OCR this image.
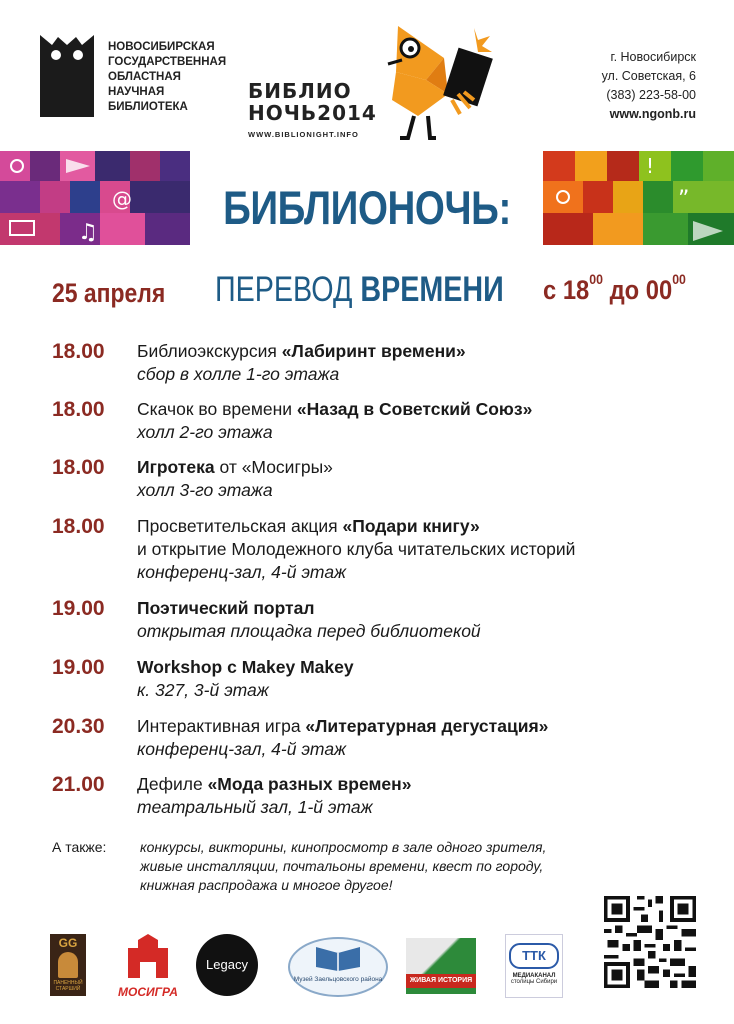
НОВОСИБИРСКАЯ
ГОСУДАРСТВЕННАЯ
ОБЛАСТНАЯ
НАУЧНАЯ
БИБЛИОТЕКА
БИБЛИО
НОЧЬ2014
WWW.BIBLIONIGHT.INFO
г. Новосибирск
ул. Советская, 6
(383) 223-58-00
www.ngonb.ru
@
♫
!
”
БИБЛИОНОЧЬ:
25 апреля ПЕРЕВОД ВРЕМЕНИ с $18^{00}$ до $00^{00}$
18.00 Библиоэкскурсия «Лабиринт времени»
сбор в холле 1-го этажа
18.00 Скачок во времени «Назад в Советский Союз»
холл 2-го этажа
18.00 Игротека от «Мосигры»
холл 3-го этажа
18.00 Просветительская акция «Подари книгу»
и открытие Молодежного клуба читательских историй
конференц-зал, 4-й этаж
19.00 Поэтический портал
открытая площадка перед библиотекой
19.00 Workshop с Makey Makey
к. 327, 3-й этаж
20.30 Интерактивная игра «Литературная дегустация»
конференц-зал, 4-й этаж
21.00 Дефиле «Мода разных времен»
театральный зал, 1-й этаж
А также: конкурсы, викторины, кинопросмотр в зале одного зрителя,
живые инсталляции, почтальоны времени, квест по городу,
книжная распродажа и многое другое!
GG
ПАНЕННЫЙ СТАРШИЙ	МОСИГРА
Legacy
Музей Заельцовского района	ЖИВАЯ ИСТОРИЯ
ТТК
МЕДИАКАНАЛ
столицы Сибири
